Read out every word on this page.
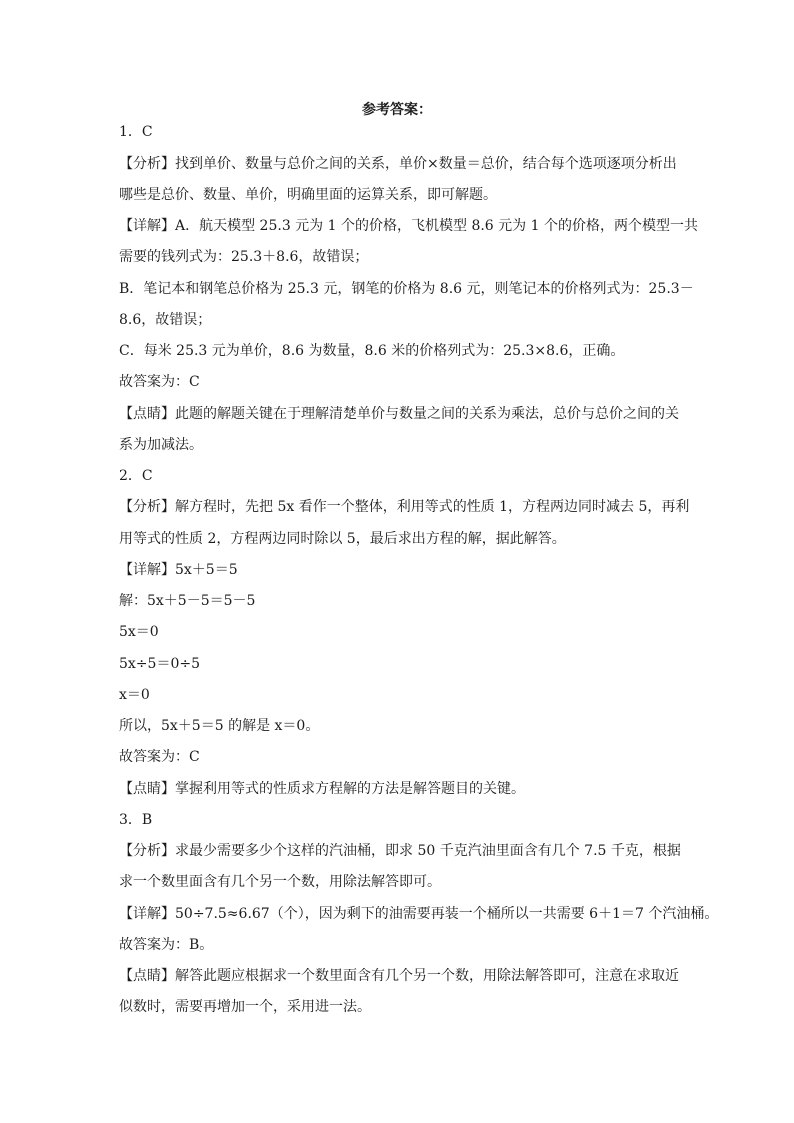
参考答案：
1．C
【分析】找到单价、数量与总价之间的关系，单价×数量＝总价，结合每个选项逐项分析出
哪些是总价、数量、单价，明确里面的运算关系，即可解题。
【详解】A．航天模型 25.3 元为 1 个的价格，飞机模型 8.6 元为 1 个的价格，两个模型一共
需要的钱列式为：25.3＋8.6，故错误；
B．笔记本和钢笔总价格为 25.3 元，钢笔的价格为 8.6 元，则笔记本的价格列式为：25.3－
8.6，故错误；
C．每米 25.3 元为单价，8.6 为数量，8.6 米的价格列式为：25.3×8.6，正确。
故答案为：C
【点睛】此题的解题关键在于理解清楚单价与数量之间的关系为乘法，总价与总价之间的关
系为加减法。
2．C
【分析】解方程时，先把 5x 看作一个整体，利用等式的性质 1，方程两边同时减去 5，再利
用等式的性质 2，方程两边同时除以 5，最后求出方程的解，据此解答。
【详解】5x＋5＝5
解：5x＋5－5＝5－5
5x＝0
5x÷5＝0÷5
x＝0
所以，5x＋5＝5 的解是 x＝0。
故答案为：C
【点睛】掌握利用等式的性质求方程解的方法是解答题目的关键。
3．B
【分析】求最少需要多少个这样的汽油桶，即求 50 千克汽油里面含有几个 7.5 千克，根据
求一个数里面含有几个另一个数，用除法解答即可。
【详解】50÷7.5≈6.67（个），因为剩下的油需要再装一个桶所以一共需要 6＋1＝7 个汽油桶。
故答案为：B。
【点睛】解答此题应根据求一个数里面含有几个另一个数，用除法解答即可，注意在求取近
似数时，需要再增加一个，采用进一法。
